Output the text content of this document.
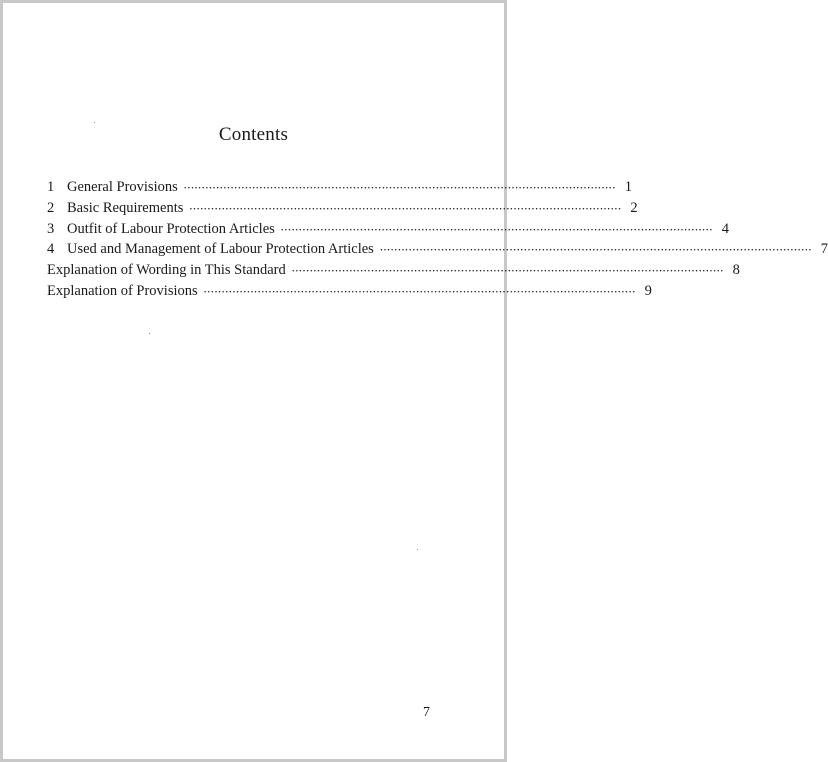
Contents
1 General Provisions ························································································································ 1
2 Basic Requirements ························································································································ 2
3 Outfit of Labour Protection Articles ························································································································ 4
4 Used and Management of Labour Protection Articles ························································································································ 7
Explanation of Wording in This Standard ························································································································ 8
Explanation of Provisions ························································································································ 9
7
